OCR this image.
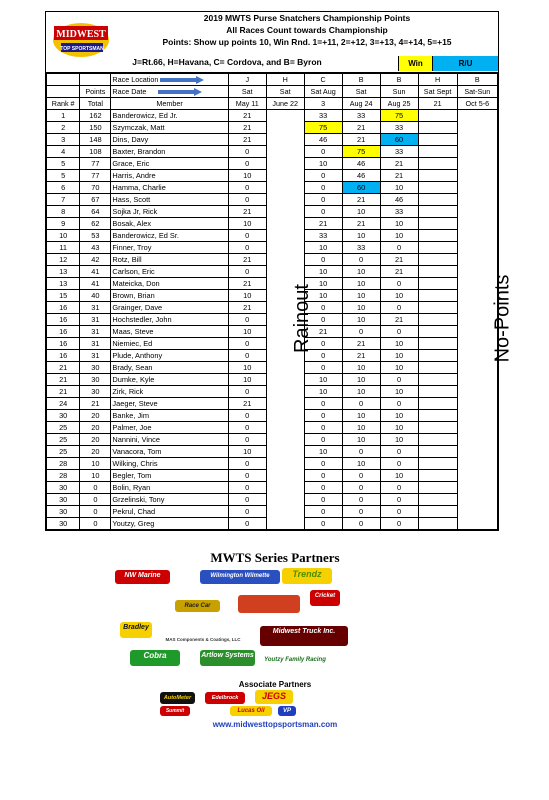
MIDWEST
TOP SPORTSMAN
2019 MWTS Purse Snatchers Championship Points
All Races Count towards Championship
Points: Show up points 10, Win Rnd. 1=+11, 2=+12, 3=+13, 4=+14, 5=+15
J=Rt.66, H=Havana, C= Cordova, and B= Byron	Win	R/U
		Race Location	J	H	C	B	B	H	B
	Points	Race Date	Sat	Sat	Sat Aug	Sat	Sun	Sat Sept	Sat-Sun
Rank #	Total	Member	May 11	June 22	3	Aug 24	Aug 25	21	Oct 5-6
1	162	Banderowicz, Ed Jr.	21	Rainout	33	33	75		No-Points
2	150	Szymczak, Matt	21		75	21	33		
3	148	Dins, Davy	21		46	21	60		
4	108	Baxter, Brandon	0		0	75	33		
5	77	Grace, Eric	0		10	46	21		
5	77	Harris, Andre	10		0	46	21		
6	70	Hamma, Charlie	0		0	60	10		
7	67	Hass, Scott	0		0	21	46		
8	64	Sojka Jr, Rick	21		0	10	33		
9	62	Bosak, Alex	10		21	21	10		
10	53	Banderowicz, Ed Sr.	0		33	10	10		
11	43	Finner, Troy	0		10	33	0		
12	42	Rotz, Bill	21		0	0	21		
13	41	Carlson, Eric	0		10	10	21		
13	41	Mateicka, Don	21		10	10	0		
15	40	Brown, Brian	10		10	10	10		
16	31	Grainger, Dave	21		0	10	0		
16	31	Hochstedler, John	0		0	10	21		
16	31	Maas, Steve	10		21	0	0		
16	31	Niemiec, Ed	0		0	21	10		
16	31	Plude, Anthony	0		0	21	10		
21	30	Brady, Sean	10		0	10	10		
21	30	Dumke, Kyle	10		10	10	0		
21	30	Zirk, Rick	0		10	10	10		
24	21	Jaeger, Steve	21		0	0	0		
30	20	Banke, Jim	0		0	10	10		
25	20	Palmer, Joe	0		0	10	10		
25	20	Nannini, Vince	0		0	10	10		
25	20	Vanacora, Tom	10		10	0	0		
28	10	Wilking, Chris	0		0	10	0		
28	10	Begler, Tom	0		0	0	10		
30	0	Bolin, Ryan	0		0	0	0		
30	0	Grzelinski, Tony	0		0	0	0		
30	0	Pekrul, Chad	0		0	0	0		
30	0	Youtzy, Greg	0		0	0	0		
MWTS Series Partners
NW Marine	Wilmington Wilmette Marine
Trendz
Cricket
Race Car
Bradley
MAS Components & Coatings, LLC
Midwest Truck Inc.
Cobra	Artlow Systems
Youtzy Family Racing
Associate Partners
AutoMeter	Edelbrock	JEGS
Summit	Lucas Oil	VP
www.midwesttopsportsman.com
